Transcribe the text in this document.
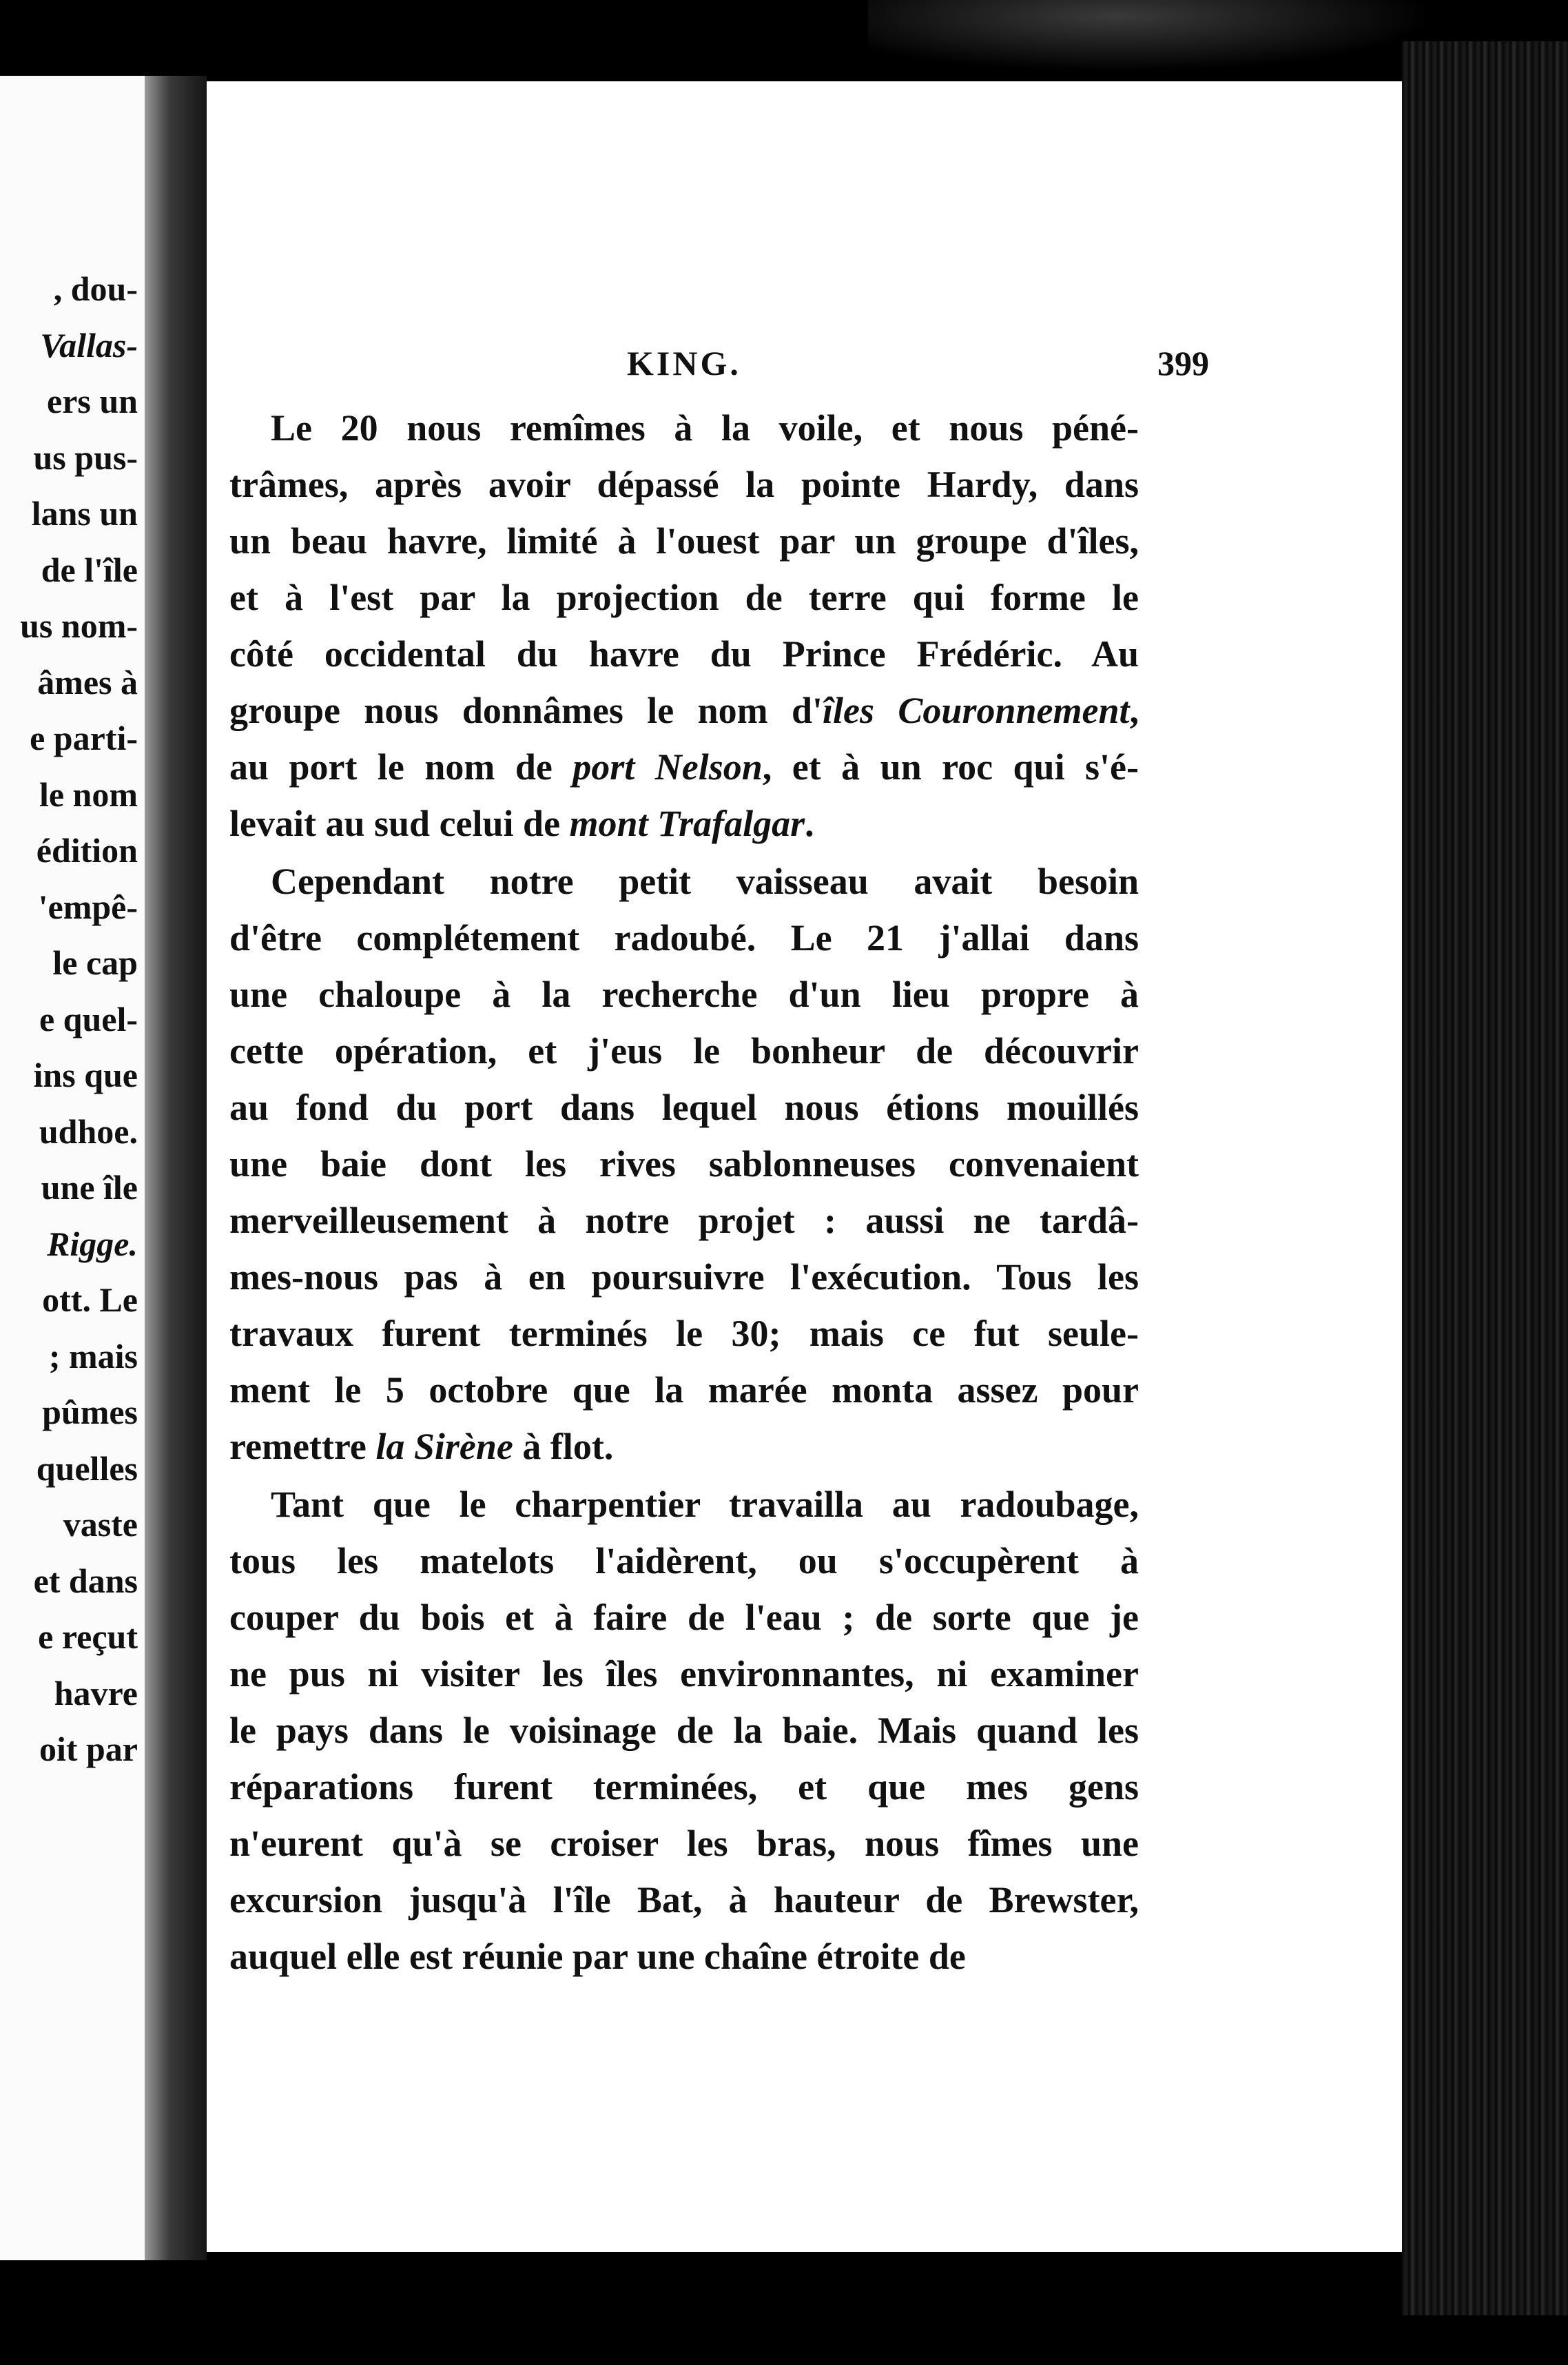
, dou-
Vallas-
ers un
us pus-
lans un
de l'île
us nom-
âmes à
e parti-
le nom
édition
'empê-
le cap
e quel-
ins que
udhoe.
une île
Rigge.
ott. Le
; mais
pûmes
quelles
vaste
et dans
e reçut
havre
oit par
KING.	399
Le 20 nous remîmes à la voile, et nous péné-
trâmes, après avoir dépassé la pointe Hardy, dans
un beau havre, limité à l'ouest par un groupe d'îles,
et à l'est par la projection de terre qui forme le
côté occidental du havre du Prince Frédéric. Au
groupe nous donnâmes le nom d'îles Couronnement,
au port le nom de port Nelson, et à un roc qui s'é-
levait au sud celui de mont Trafalgar.
Cependant notre petit vaisseau avait besoin
d'être complétement radoubé. Le 21 j'allai dans
une chaloupe à la recherche d'un lieu propre à
cette opération, et j'eus le bonheur de découvrir
au fond du port dans lequel nous étions mouillés
une baie dont les rives sablonneuses convenaient
merveilleusement à notre projet : aussi ne tardâ-
mes-nous pas à en poursuivre l'exécution. Tous les
travaux furent terminés le 30; mais ce fut seule-
ment le 5 octobre que la marée monta assez pour
remettre la Sirène à flot.
Tant que le charpentier travailla au radoubage,
tous les matelots l'aidèrent, ou s'occupèrent à
couper du bois et à faire de l'eau ; de sorte que je
ne pus ni visiter les îles environnantes, ni examiner
le pays dans le voisinage de la baie. Mais quand les
réparations furent terminées, et que mes gens
n'eurent qu'à se croiser les bras, nous fîmes une
excursion jusqu'à l'île Bat, à hauteur de Brewster,
auquel elle est réunie par une chaîne étroite de
